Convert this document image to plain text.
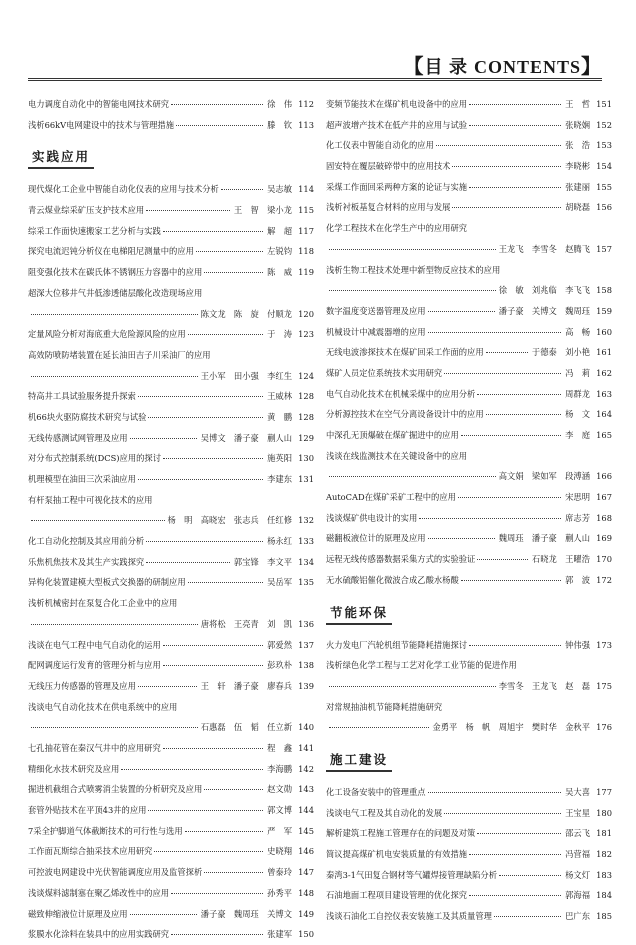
【目 录 CONTENTS】
电力调度自动化中的智能电网技术研究	徐　伟 112
浅析66kV电网建设中的技术与管理措施	滕　钦 113
实践应用
现代煤化工企业中智能自动化仪表的应用与技术分析	吴志敏 114
青云煤业综采矿压支护技术应用	王　智　梁小龙 115
综采工作面快速搬家工艺分析与实践	解　超 117
探究电流迟钝分析仪在电梯阻尼测量中的应用	左锐钧 118
阻变强化技术在碳氏体不锈钢压力容器中的应用	陈　威 119
超深大位移井气井低渗透储层酸化改造现场应用
陈文龙　陈　旋　付顺龙 120
定量风险分析对海底重大危险源风险的应用	于　涛 123
高效防喷防堵装置在延长油田吉子川采油厂的应用
王小军　田小强　李红生 124
特高井工具试验服务提升探索	王威林 128
机66块火驱防腐技术研究与试验	黄　鹏 128
无线传感测试网管理及应用	吴博文　潘子豪　蒯人山 129
对分布式控制系统(DCS)应用的探讨	施英阳 130
机理模型在油田三次采油应用	李建东 131
有杆泵抽工程中可视化技术的应用
杨　明　高晓宏　张志兵　任红修 132
化工自动化控制及其应用前分析	杨永红 133
乐焦机焦技术及其生产实践探究	郭宝锋　李文平 134
异构化装置建模大型板式交换器的研制应用	吴岳军 135
浅析机械密封在泵复合化工企业中的应用
唐将松　王亮青　刘　凯 136
浅谈在电气工程中电气自动化的运用	郭爱然 137
配网调度运行发育的管理分析与应用	彭玖朴 138
无线压力传感器的管理及应用	王　轩　潘子豪　廖春兵 139
浅谈电气自动化技术在供电系统中的应用
石惠磊　伍　韬　任立新 140
七孔抽花管在秦汉气井中的应用研究	程　鑫 141
精细化水技术研究及应用	李海鹏 142
掘进机截组合式喷雾消尘装置的分析研究及应用	赵文勋 143
套管外贴技术在平顶43井的应用	郭文博 144
7采全护脚道气体截断技术的可行性与选用	严　军 145
工作面瓦斯综合抽采技术应用研究	史晓翔 146
可控波电网建设中光伏智能调度应用及监管探析	曾泰玲 147
浅谈煤料滤制塞在聚乙烯改性中的应用	孙秀平 148
磁致伸缩液位计原理及应用	潘子豪　魏周珏　关博文 149
浆膜水化涂料在装具中的应用实践研究	张建军 150
变频节能技术在煤矿机电设备中的应用	王　哲 151
超声波增产技术在低产井的应用与试验	张晓娴 152
化工仪表中智能自动化的应用	张　浩 153
固安特在覆层破碎带中的应用技术	李晓彬 154
采煤工作面回采两种方案的论证与实施	张建丽 155
浅析衬板基复合材料的应用与发展	胡晓磊 156
化学工程技术在化学生产中的应用研究
王龙飞　李雪冬　赵腾飞 157
浅析生物工程技术处理中新型物反应技术的应用
徐　敏　刘兆临　李飞飞 158
数字温度变送器管理及应用	潘子豪　关博文　魏周珏 159
机械设计中减震器增的应用	高　畅 160
无线电波渗探技术在煤矿回采工作面的应用	于德泰　刘小艳 161
煤矿人员定位系统技术实用研究	冯　莉 162
电气自动化技术在机械采煤中的应用分析	周群龙 163
分析源控技术在空气分离设备设计中的应用	杨　文 164
中深孔无顶爆破在煤矿掘进中的应用	李　庭 165
浅谈在线监测技术在关键设备中的应用
高文娟　梁如军　段溥涵 166
AutoCAD在煤矿采矿工程中的应用	宋思明 167
浅谈煤矿供电设计的实用	席志芳 168
磁翻板液位计的原理及应用	魏周珏　潘子豪　蒯人山 169
远程无线传感器数据采集方式的实验验证	石晓龙　王曜浩 170
无水硫酸铝催化微波合成乙酸水杨酸	郭　波 172
节能环保
火力发电厂汽轮机组节能降耗措施探讨	钟伟强 173
浅析绿色化学工程与工艺对化学工业节能的促进作用
李雪冬　王龙飞　赵　磊 175
对常规抽油机节能降耗措施研究
金勇平　杨　帆　周旭宇　樊时华　金秋平 176
施工建设
化工设备安装中的管理重点	吴大喜 177
浅谈电气工程及其自动化的发展	王宝星 180
解析建筑工程施工管理存在的问题及对策	邵云飞 181
简议提高煤矿机电安装质量的有效措施	冯营福 182
秦湾3-1气田复合钢材等气罐焊接管理缺陷分析	杨文灯 183
石油地面工程项目建设管理的优化探究	郭海福 184
浅谈石油化工自控仪表安装施工及其质量管理	巴广东 185
